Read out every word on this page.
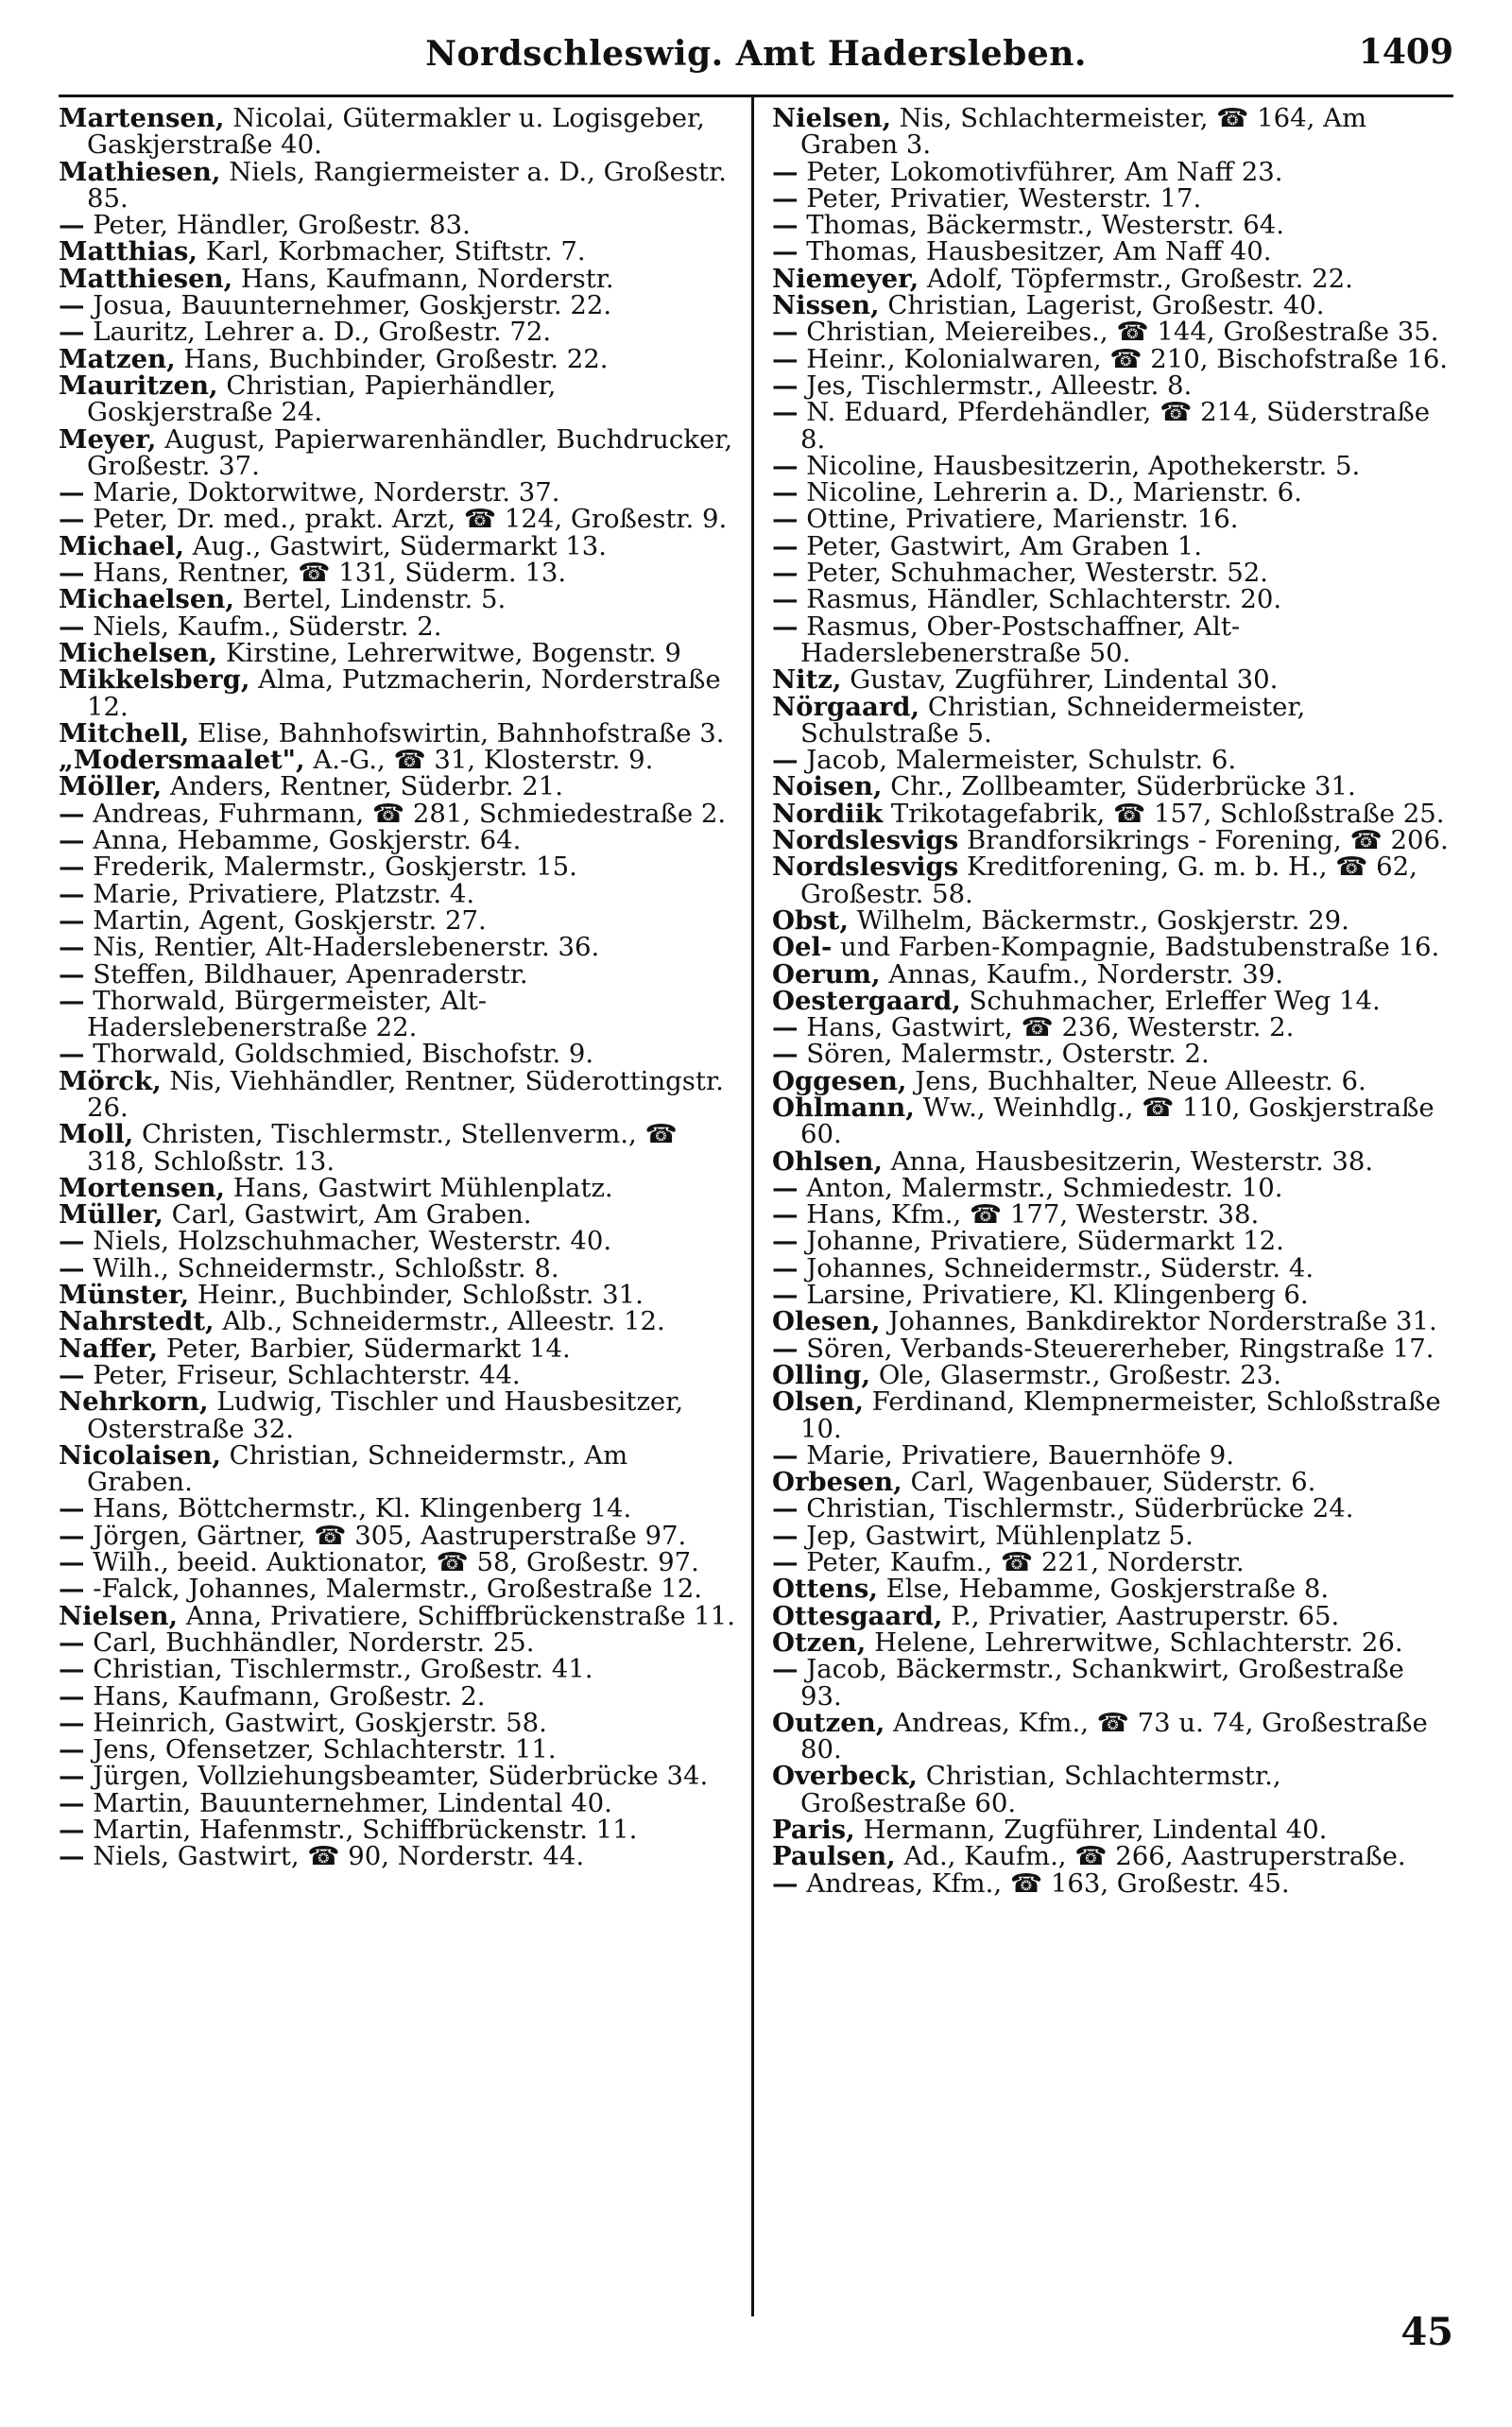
Nordschleswig. Amt Hadersleben.	1409
Martensen, Nicolai, Gütermakler u. Logisgeber, Gaskjerstraße 40.
Mathiesen, Niels, Rangiermeister a. D., Großestr. 85.
— Peter, Händler, Großestr. 83.
Matthias, Karl, Korbmacher, Stiftstr. 7.
Matthiesen, Hans, Kaufmann, Norderstr.
— Josua, Bauunternehmer, Goskjerstr. 22.
— Lauritz, Lehrer a. D., Großestr. 72.
Matzen, Hans, Buchbinder, Großestr. 22.
Mauritzen, Christian, Papierhändler, Goskjerstraße 24.
Meyer, August, Papierwarenhändler, Buchdrucker, Großestr. 37.
— Marie, Doktorwitwe, Norderstr. 37.
— Peter, Dr. med., prakt. Arzt, ☎ 124, Großestr. 9.
Michael, Aug., Gastwirt, Südermarkt 13.
— Hans, Rentner, ☎ 131, Süderm. 13.
Michaelsen, Bertel, Lindenstr. 5.
— Niels, Kaufm., Süderstr. 2.
Michelsen, Kirstine, Lehrerwitwe, Bogenstr. 9
Mikkelsberg, Alma, Putzmacherin, Norderstraße 12.
Mitchell, Elise, Bahnhofswirtin, Bahnhofstraße 3.
„Modersmaalet", A.-G., ☎ 31, Klosterstr. 9.
Möller, Anders, Rentner, Süderbr. 21.
— Andreas, Fuhrmann, ☎ 281, Schmiedestraße 2.
— Anna, Hebamme, Goskjerstr. 64.
— Frederik, Malermstr., Goskjerstr. 15.
— Marie, Privatiere, Platzstr. 4.
— Martin, Agent, Goskjerstr. 27.
— Nis, Rentier, Alt-Haderslebenerstr. 36.
— Steffen, Bildhauer, Apenraderstr.
— Thorwald, Bürgermeister, Alt-Haderslebenerstraße 22.
— Thorwald, Goldschmied, Bischofstr. 9.
Mörck, Nis, Viehhändler, Rentner, Süderottingstr. 26.
Moll, Christen, Tischlermstr., Stellenverm., ☎ 318, Schloßstr. 13.
Mortensen, Hans, Gastwirt Mühlenplatz.
Müller, Carl, Gastwirt, Am Graben.
— Niels, Holzschuhmacher, Westerstr. 40.
— Wilh., Schneidermstr., Schloßstr. 8.
Münster, Heinr., Buchbinder, Schloßstr. 31.
Nahrstedt, Alb., Schneidermstr., Alleestr. 12.
Naffer, Peter, Barbier, Südermarkt 14.
— Peter, Friseur, Schlachterstr. 44.
Nehrkorn, Ludwig, Tischler und Hausbesitzer, Osterstraße 32.
Nicolaisen, Christian, Schneidermstr., Am Graben.
— Hans, Böttchermstr., Kl. Klingenberg 14.
— Jörgen, Gärtner, ☎ 305, Aastruperstraße 97.
— Wilh., beeid. Auktionator, ☎ 58, Großestr. 97.
— -Falck, Johannes, Malermstr., Großestraße 12.
Nielsen, Anna, Privatiere, Schiffbrückenstraße 11.
— Carl, Buchhändler, Norderstr. 25.
— Christian, Tischlermstr., Großestr. 41.
— Hans, Kaufmann, Großestr. 2.
— Heinrich, Gastwirt, Goskjerstr. 58.
— Jens, Ofensetzer, Schlachterstr. 11.
— Jürgen, Vollziehungsbeamter, Süderbrücke 34.
— Martin, Bauunternehmer, Lindental 40.
— Martin, Hafenmstr., Schiffbrückenstr. 11.
— Niels, Gastwirt, ☎ 90, Norderstr. 44.
Nielsen, Nis, Schlachtermeister, ☎ 164, Am Graben 3.
— Peter, Lokomotivführer, Am Naff 23.
— Peter, Privatier, Westerstr. 17.
— Thomas, Bäckermstr., Westerstr. 64.
— Thomas, Hausbesitzer, Am Naff 40.
Niemeyer, Adolf, Töpfermstr., Großestr. 22.
Nissen, Christian, Lagerist, Großestr. 40.
— Christian, Meiereibes., ☎ 144, Großestraße 35.
— Heinr., Kolonialwaren, ☎ 210, Bischofstraße 16.
— Jes, Tischlermstr., Alleestr. 8.
— N. Eduard, Pferdehändler, ☎ 214, Süderstraße 8.
— Nicoline, Hausbesitzerin, Apothekerstr. 5.
— Nicoline, Lehrerin a. D., Marienstr. 6.
— Ottine, Privatiere, Marienstr. 16.
— Peter, Gastwirt, Am Graben 1.
— Peter, Schuhmacher, Westerstr. 52.
— Rasmus, Händler, Schlachterstr. 20.
— Rasmus, Ober-Postschaffner, Alt-Haderslebenerstraße 50.
Nitz, Gustav, Zugführer, Lindental 30.
Nörgaard, Christian, Schneidermeister, Schulstraße 5.
— Jacob, Malermeister, Schulstr. 6.
Noisen, Chr., Zollbeamter, Süderbrücke 31.
Nordiik Trikotagefabrik, ☎ 157, Schloßstraße 25.
Nordslesvigs Brandforsikrings - Forening, ☎ 206.
Nordslesvigs Kreditforening, G. m. b. H., ☎ 62, Großestr. 58.
Obst, Wilhelm, Bäckermstr., Goskjerstr. 29.
Oel- und Farben-Kompagnie, Badstubenstraße 16.
Oerum, Annas, Kaufm., Norderstr. 39.
Oestergaard, Schuhmacher, Erleffer Weg 14.
— Hans, Gastwirt, ☎ 236, Westerstr. 2.
— Sören, Malermstr., Osterstr. 2.
Oggesen, Jens, Buchhalter, Neue Alleestr. 6.
Ohlmann, Ww., Weinhdlg., ☎ 110, Goskjerstraße 60.
Ohlsen, Anna, Hausbesitzerin, Westerstr. 38.
— Anton, Malermstr., Schmiedestr. 10.
— Hans, Kfm., ☎ 177, Westerstr. 38.
— Johanne, Privatiere, Südermarkt 12.
— Johannes, Schneidermstr., Süderstr. 4.
— Larsine, Privatiere, Kl. Klingenberg 6.
Olesen, Johannes, Bankdirektor Norderstraße 31.
— Sören, Verbands-Steuererheber, Ringstraße 17.
Olling, Ole, Glasermstr., Großestr. 23.
Olsen, Ferdinand, Klempnermeister, Schloßstraße 10.
— Marie, Privatiere, Bauernhöfe 9.
Orbesen, Carl, Wagenbauer, Süderstr. 6.
— Christian, Tischlermstr., Süderbrücke 24.
— Jep, Gastwirt, Mühlenplatz 5.
— Peter, Kaufm., ☎ 221, Norderstr.
Ottens, Else, Hebamme, Goskjerstraße 8.
Ottesgaard, P., Privatier, Aastruperstr. 65.
Otzen, Helene, Lehrerwitwe, Schlachterstr. 26.
— Jacob, Bäckermstr., Schankwirt, Großestraße 93.
Outzen, Andreas, Kfm., ☎ 73 u. 74, Großestraße 80.
Overbeck, Christian, Schlachtermstr., Großestraße 60.
Paris, Hermann, Zugführer, Lindental 40.
Paulsen, Ad., Kaufm., ☎ 266, Aastruperstraße.
— Andreas, Kfm., ☎ 163, Großestr. 45.
45
